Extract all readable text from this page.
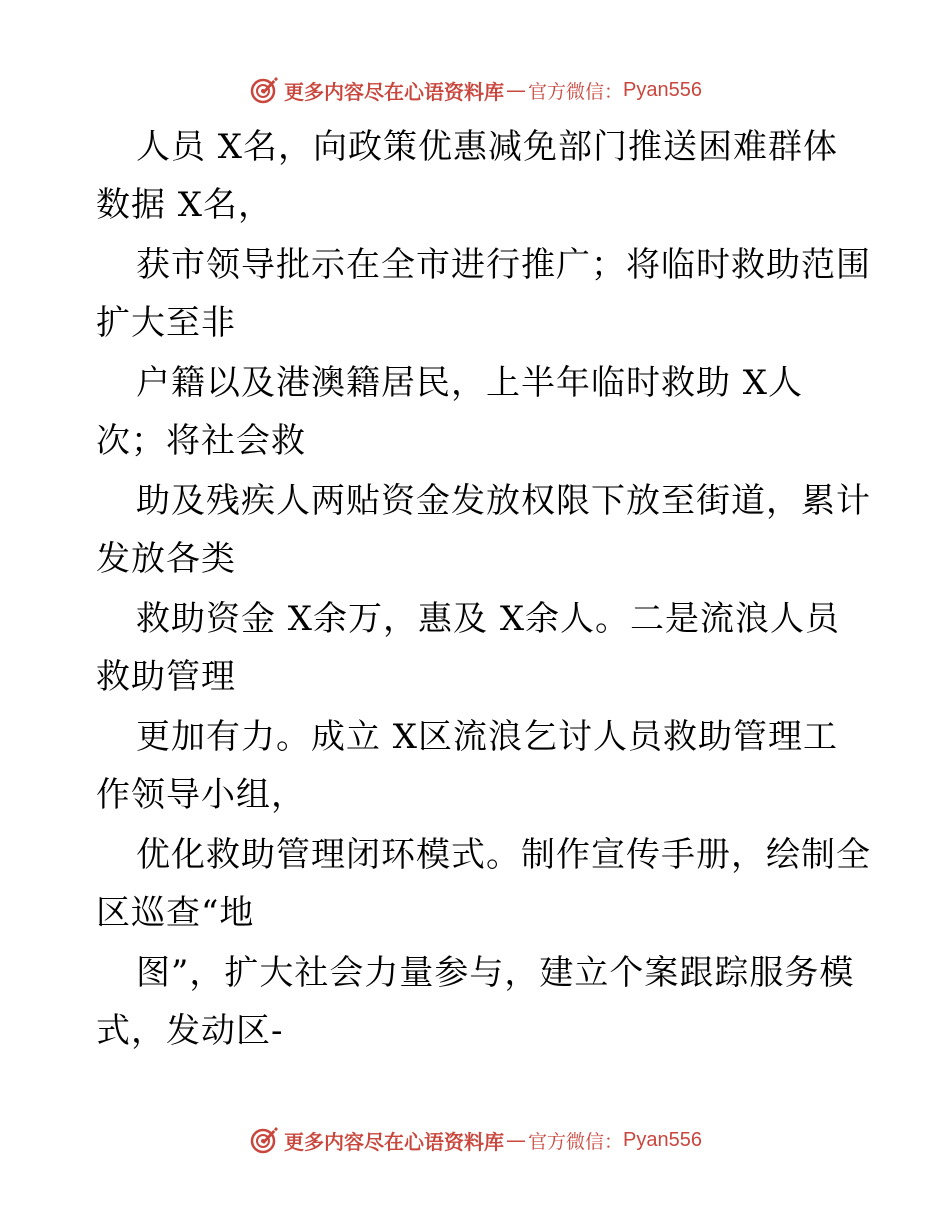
更多内容尽在心语资料库 — 官方微信： Pyan556
人员 X名，向政策优惠减免部门推送困难群体
数据 X名，
获市领导批示在全市进行推广；将临时救助范围
扩大至非
户籍以及港澳籍居民，上半年临时救助 X人
次；将社会救
助及残疾人两贴资金发放权限下放至街道，累计
发放各类
救助资金 X余万，惠及 X余人。二是流浪人员
救助管理
更加有力。成立 X区流浪乞讨人员救助管理工
作领导小组，
优化救助管理闭环模式。制作宣传手册，绘制全
区巡查“地
图”，扩大社会力量参与，建立个案跟踪服务模
式，发动区-
更多内容尽在心语资料库 — 官方微信： Pyan556
